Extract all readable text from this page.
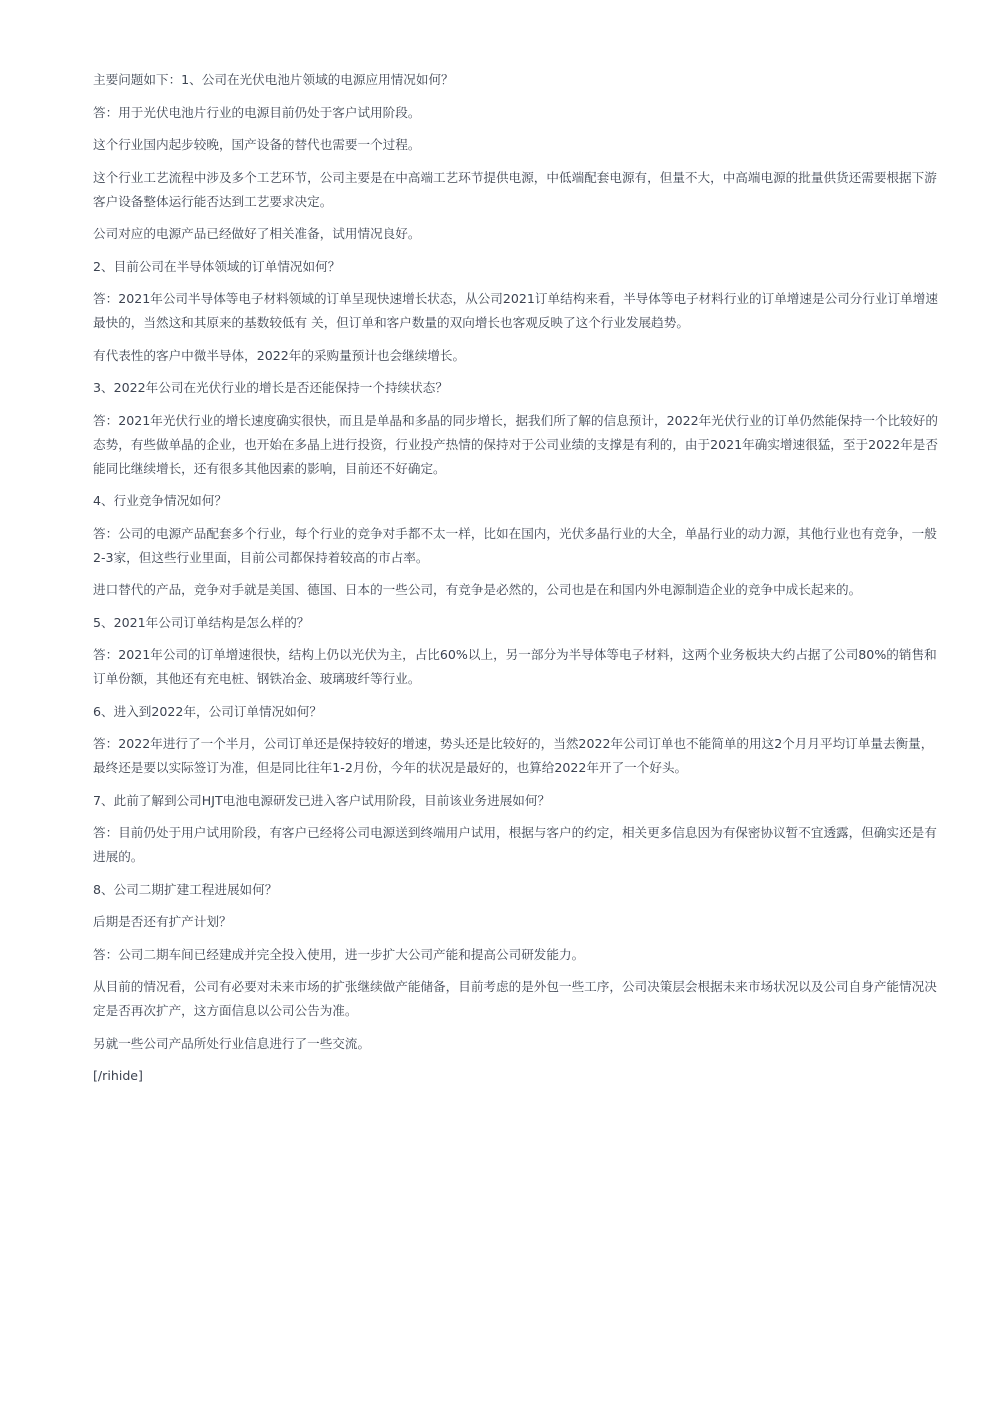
主要问题如下：1、公司在光伏电池片领域的电源应用情况如何？

答：用于光伏电池片行业的电源目前仍处于客户试用阶段。

这个行业国内起步较晚，国产设备的替代也需要一个过程。

这个行业工艺流程中涉及多个工艺环节，公司主要是在中高端工艺环节提供电源，中低端配套电源有，但量不大，中高端电源的批量供货还需要根据下游客户设备整体运行能否达到工艺要求决定。

公司对应的电源产品已经做好了相关准备，试用情况良好。

2、目前公司在半导体领域的订单情况如何？

答：2021年公司半导体等电子材料领域的订单呈现快速增长状态，从公司2021订单结构来看，半导体等电子材料行业的订单增速是公司分行业订单增速最快的，当然这和其原来的基数较低有 关，但订单和客户数量的双向增长也客观反映了这个行业发展趋势。

有代表性的客户中微半导体，2022年的采购量预计也会继续增长。

3、2022年公司在光伏行业的增长是否还能保持一个持续状态？

答：2021年光伏行业的增长速度确实很快，而且是单晶和多晶的同步增长，据我们所了解的信息预计，2022年光伏行业的订单仍然能保持一个比较好的态势，有些做单晶的企业，也开始在多晶上进行投资，行业投产热情的保持对于公司业绩的支撑是有利的，由于2021年确实增速很猛，至于2022年是否能同比继续增长，还有很多其他因素的影响，目前还不好确定。

4、行业竞争情况如何？

答：公司的电源产品配套多个行业，每个行业的竞争对手都不太一样，比如在国内，光伏多晶行业的大全，单晶行业的动力源，其他行业也有竞争，一般2-3家，但这些行业里面，目前公司都保持着较高的市占率。

进口替代的产品，竞争对手就是美国、德国、日本的一些公司，有竞争是必然的，公司也是在和国内外电源制造企业的竞争中成长起来的。

5、2021年公司订单结构是怎么样的？

答：2021年公司的订单增速很快，结构上仍以光伏为主，占比60%以上，另一部分为半导体等电子材料，这两个业务板块大约占据了公司80%的销售和订单份额，其他还有充电桩、钢铁冶金、玻璃玻纤等行业。

6、进入到2022年，公司订单情况如何？

答：2022年进行了一个半月，公司订单还是保持较好的增速，势头还是比较好的，当然2022年公司订单也不能简单的用这2个月月平均订单量去衡量，最终还是要以实际签订为准，但是同比往年1-2月份，今年的状况是最好的，也算给2022年开了一个好头。

7、此前了解到公司HJT电池电源研发已进入客户试用阶段，目前该业务进展如何？

答：目前仍处于用户试用阶段，有客户已经将公司电源送到终端用户试用，根据与客户的约定，相关更多信息因为有保密协议暂不宜透露，但确实还是有进展的。

8、公司二期扩建工程进展如何？

后期是否还有扩产计划？

答：公司二期车间已经建成并完全投入使用，进一步扩大公司产能和提高公司研发能力。

从目前的情况看，公司有必要对未来市场的扩张继续做产能储备，目前考虑的是外包一些工序，公司决策层会根据未来市场状况以及公司自身产能情况决定是否再次扩产，这方面信息以公司公告为准。

另就一些公司产品所处行业信息进行了一些交流。

[/rihide]
